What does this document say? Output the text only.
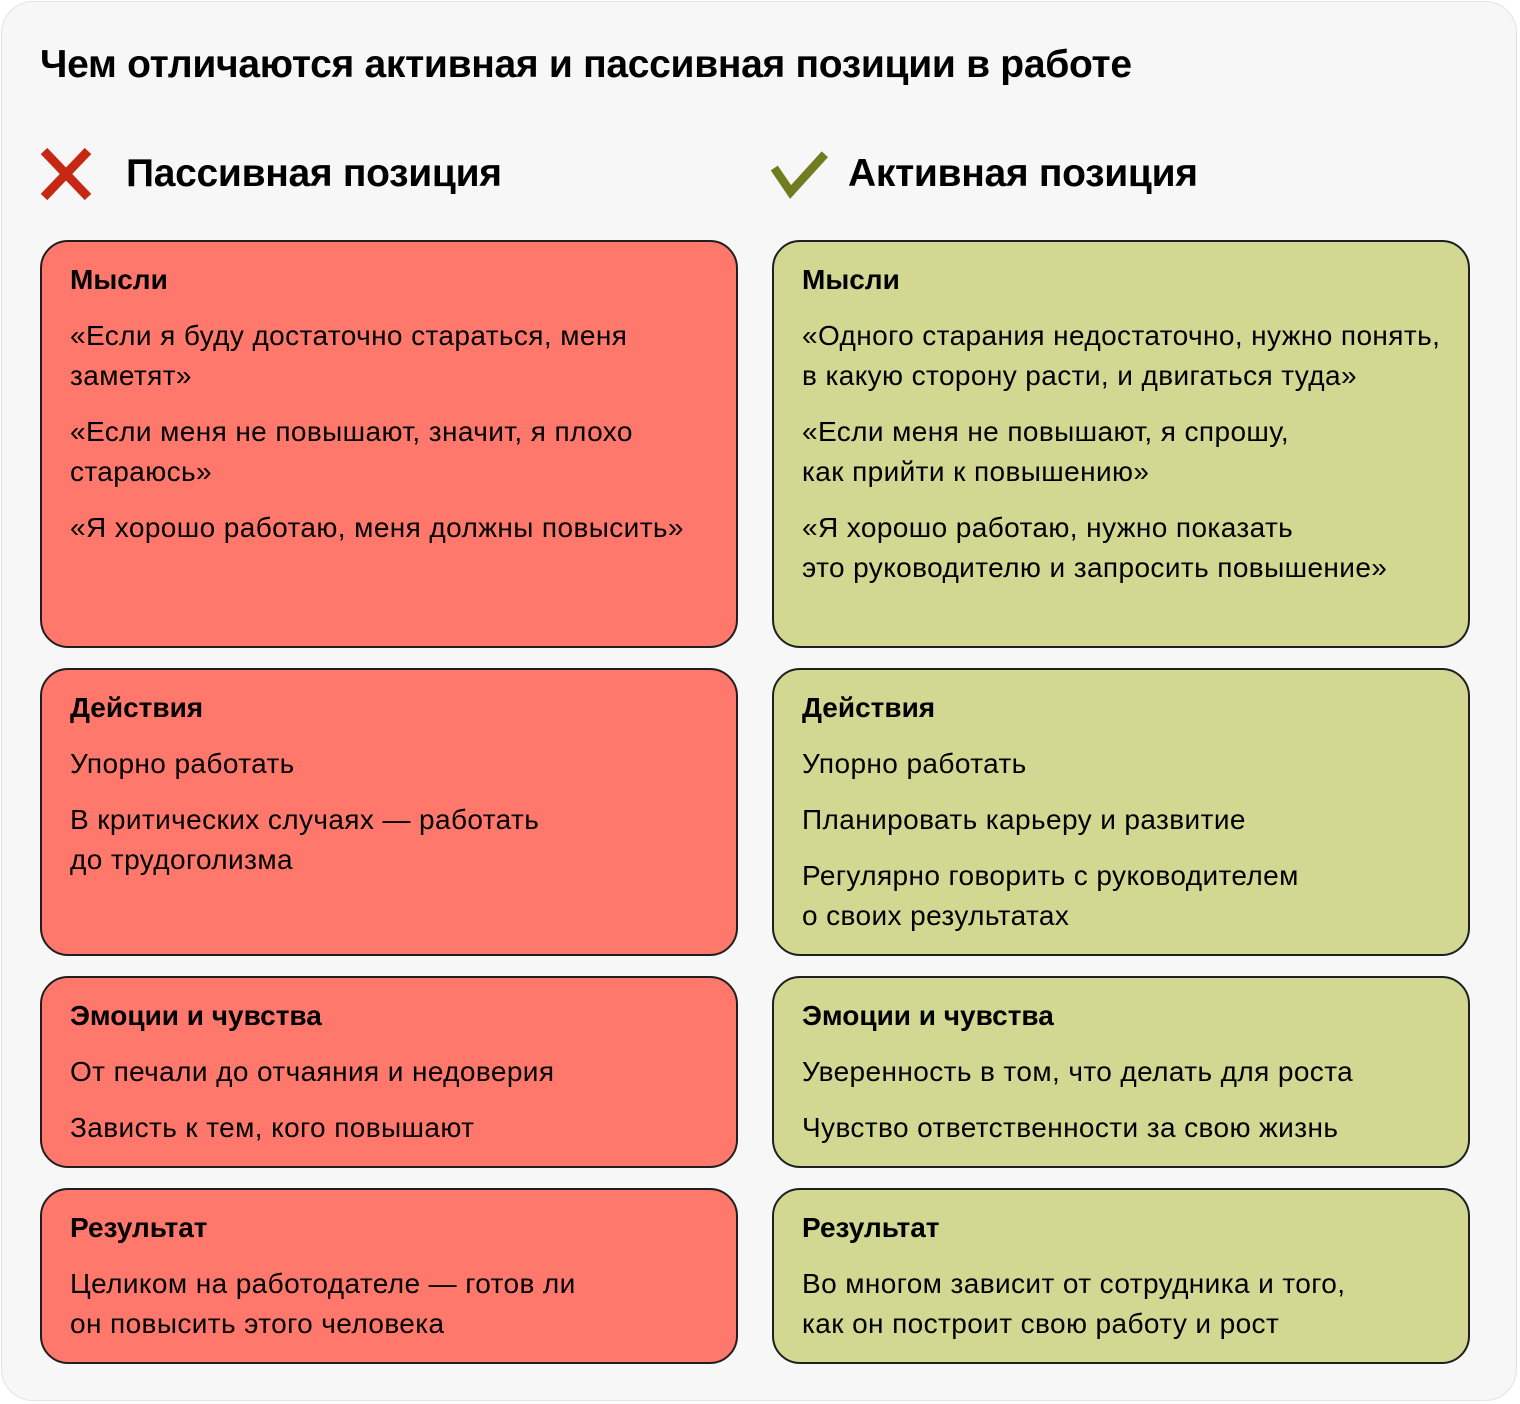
Чем отличаются активная и пассивная позиции в работе
Пассивная позиция	Активная позиция
Мысли
«Если я буду достаточно стараться, меня заметят»
«Если меня не повышают, значит, я плохо стараюсь»
«Я хорошо работаю, меня должны повысить»
Действия
Упорно работать
В критических случаях — работать
до трудоголизма
Эмоции и чувства
От печали до отчаяния и недоверия
Зависть к тем, кого повышают
Результат
Целиком на работодателе — готов ли
он повысить этого человека
Мысли
«Одного старания недостаточно, нужно понять, в какую сторону расти, и двигаться туда»
«Если меня не повышают, я спрошу,
как прийти к повышению»
«Я хорошо работаю, нужно показать
это руководителю и запросить повышение»
Действия
Упорно работать
Планировать карьеру и развитие
Регулярно говорить с руководителем
о своих результатах
Эмоции и чувства
Уверенность в том, что делать для роста
Чувство ответственности за свою жизнь
Результат
Во многом зависит от сотрудника и того,
как он построит свою работу и рост
